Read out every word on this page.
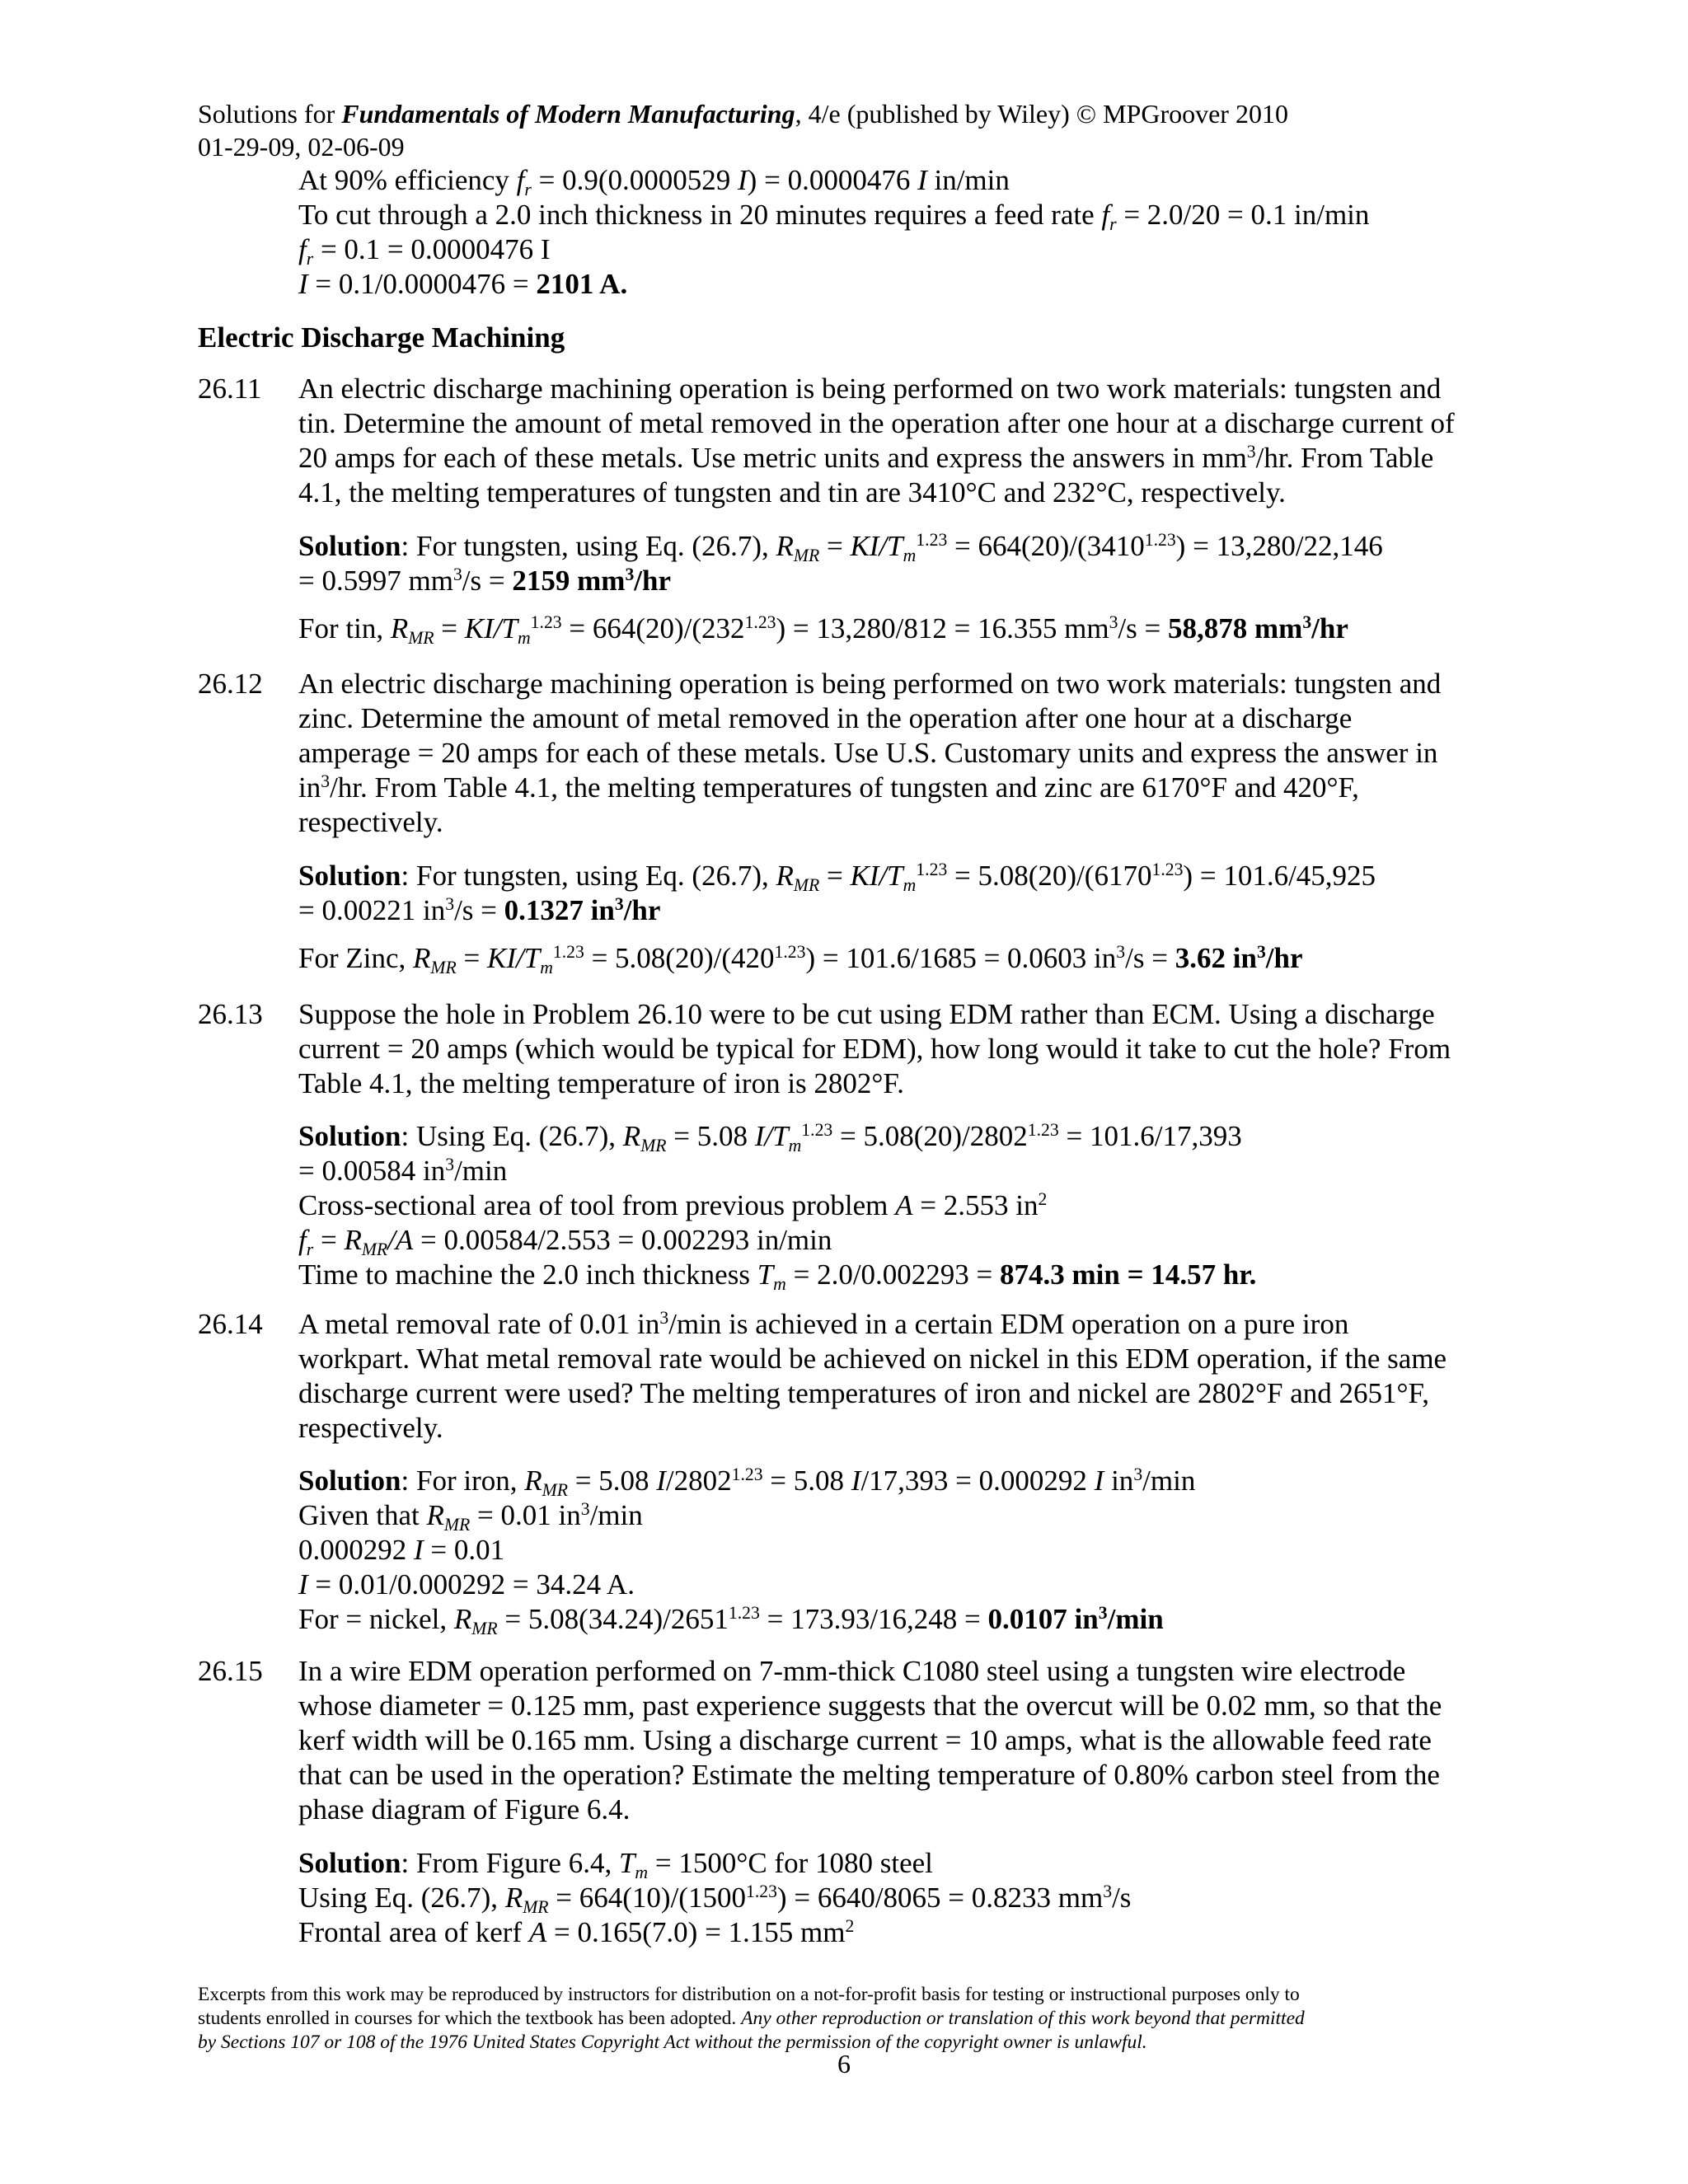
Solutions for Fundamentals of Modern Manufacturing, 4/e (published by Wiley) © MPGroover 2010
01-29-09, 02-06-09
At 90% efficiency $f_r = 0.9(0.0000529$ I) = 0.0000476 I in/min
To cut through a 2.0 inch thickness in 20 minutes requires a feed rate $f_r = 2.0/20 = 0.1$ in/min
$f_r = 0.1 = 0.0000476$ I
I = 0.1/0.0000476 = 2101 A.
Electric Discharge Machining
26.11 An electric discharge machining operation is being performed on two work materials: tungsten and
tin. Determine the amount of metal removed in the operation after one hour at a discharge current of
20 amps for each of these metals. Use metric units and express the answers in $mm^3/hr$. From Table
4.1, the melting temperatures of tungsten and tin are 3410°C and 232°C, respectively.
Solution: For tungsten, using Eq. (26.7), $R_{MR} = KI/T_m^{1.23} = 664(20)/(3410^{1.23}) = 13,280/22,146$
= 0.5997 $mm^3/s = 2159$ $mm^3/hr$
For tin, $R_{MR} = KI/T_m^{1.23} = 664(20)/(232^{1.23}) = 13,280/812 = 16.355$ $mm^3/s = 58,878$ $mm^3/hr$
26.12 An electric discharge machining operation is being performed on two work materials: tungsten and
zinc. Determine the amount of metal removed in the operation after one hour at a discharge
amperage = 20 amps for each of these metals. Use U.S. Customary units and express the answer in
$in^3/hr$. From Table 4.1, the melting temperatures of tungsten and zinc are 6170°F and 420°F,
respectively.
Solution: For tungsten, using Eq. (26.7), $R_{MR} = KI/T_m^{1.23} = 5.08(20)/(6170^{1.23}) = 101.6/45,925$
= 0.00221 $in^3/s = 0.1327$ $in^3/hr$
For Zinc, $R_{MR} = KI/T_m^{1.23} = 5.08(20)/(420^{1.23}) = 101.6/1685 = 0.0603$ $in^3/s = 3.62$ $in^3/hr$
26.13 Suppose the hole in Problem 26.10 were to be cut using EDM rather than ECM. Using a discharge
current = 20 amps (which would be typical for EDM), how long would it take to cut the hole? From
Table 4.1, the melting temperature of iron is 2802°F.
Solution: Using Eq. (26.7), $R_{MR} = 5.08$ $I/T_m^{1.23} = 5.08(20)/2802^{1.23} = 101.6/17,393$
= 0.00584 $in^3/\min$
Cross-sectional area of tool from previous problem A = 2.553 $in^2$
$f_r = R_{MR}/A = 0.00584/2.553 = 0.002293$ in/min
Time to machine the 2.0 inch thickness $T_m = 2.0/0.002293 = 874.3$ min = 14.57 hr.
26.14 A metal removal rate of 0.01 $in^3/\min$ is achieved in a certain EDM operation on a pure iron
workpart. What metal removal rate would be achieved on nickel in this EDM operation, if the same
discharge current were used? The melting temperatures of iron and nickel are 2802°F and 2651°F,
respectively.
Solution: For iron, $R_{MR} = 5.08$ $I/2802^{1.23} = 5.08$ I/17,393 = 0.000292 I $in^3/\min$
Given that $R_{MR} = 0.01$ $in^3/\min$
0.000292 I = 0.01
I = 0.01/0.000292 = 34.24 A.
For = nickel, $R_{MR} = 5.08(34.24)/2651^{1.23} = 173.93/16,248 = 0.0107$ $in^3/\min$
26.15 In a wire EDM operation performed on 7-mm-thick C1080 steel using a tungsten wire electrode
whose diameter = 0.125 mm, past experience suggests that the overcut will be 0.02 mm, so that the
kerf width will be 0.165 mm. Using a discharge current = 10 amps, what is the allowable feed rate
that can be used in the operation? Estimate the melting temperature of 0.80% carbon steel from the
phase diagram of Figure 6.4.
Solution: From Figure 6.4, $T_m = 1500^\circ C$ for 1080 steel
Using Eq. (26.7), $R_{MR} = 664(10)/(1500^{1.23}) = 6640/8065 = 0.8233$ $mm^3/s$
Frontal area of kerf A = 0.165(7.0) = 1.155 $mm^2$
Excerpts from this work may be reproduced by instructors for distribution on a not-for-profit basis for testing or instructional purposes only to
students enrolled in courses for which the textbook has been adopted. Any other reproduction or translation of this work beyond that permitted
by Sections 107 or 108 of the 1976 United States Copyright Act without the permission of the copyright owner is unlawful.
6
